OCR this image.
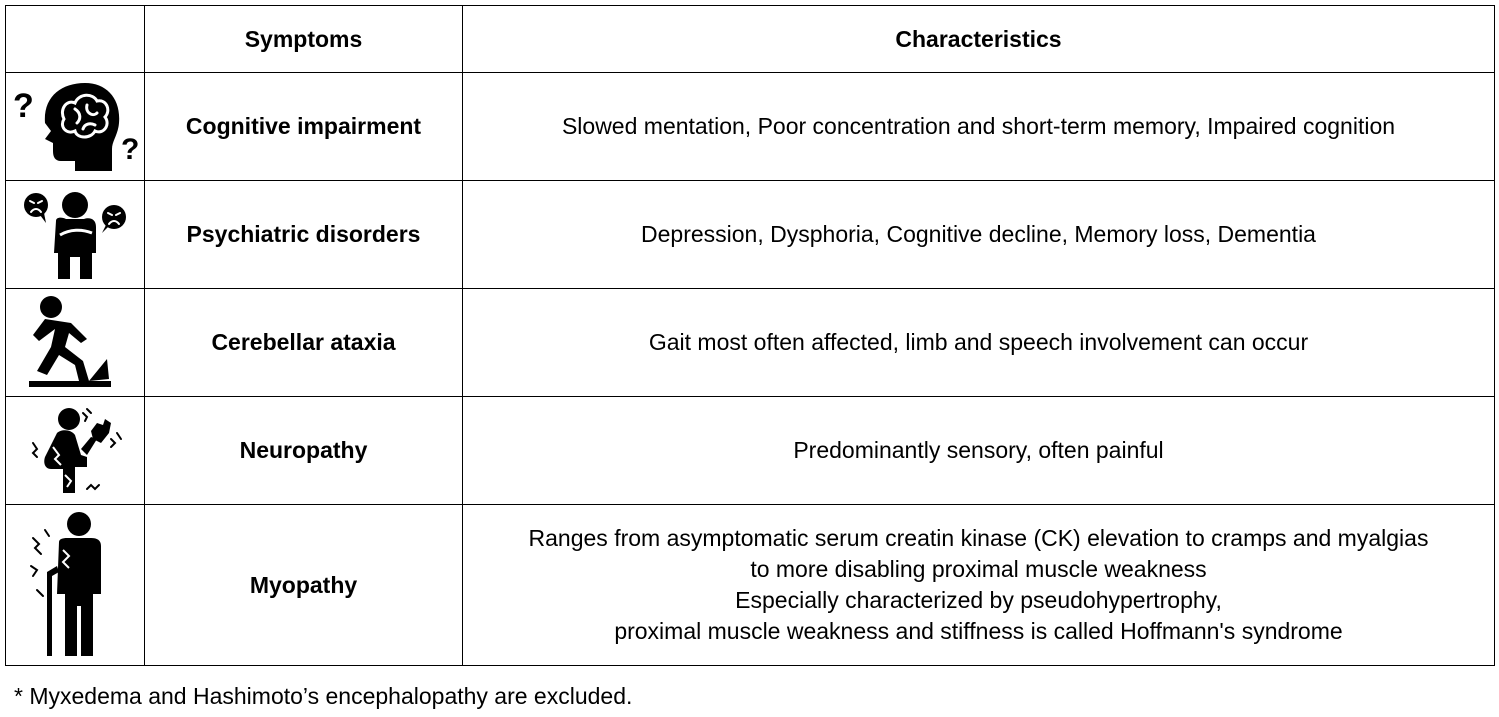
	Symptoms	Characteristics

?
?	Cognitive impairment	Slowed mentation, Poor concentration and short-term memory, Impaired cognition

	Psychiatric disorders	Depression, Dysphoria, Cognitive decline, Memory loss, Dementia

	Cerebellar ataxia	Gait most often affected, limb and speech involvement can occur

	Neuropathy	Predominantly sensory, often painful

	Myopathy	Ranges from asymptomatic serum creatin kinase (CK) elevation to cramps and myalgias
to more disabling proximal muscle weakness
Especially characterized by pseudohypertrophy,
proximal muscle weakness and stiffness is called Hoffmann's syndrome
* Myxedema and Hashimoto’s encephalopathy are excluded.
